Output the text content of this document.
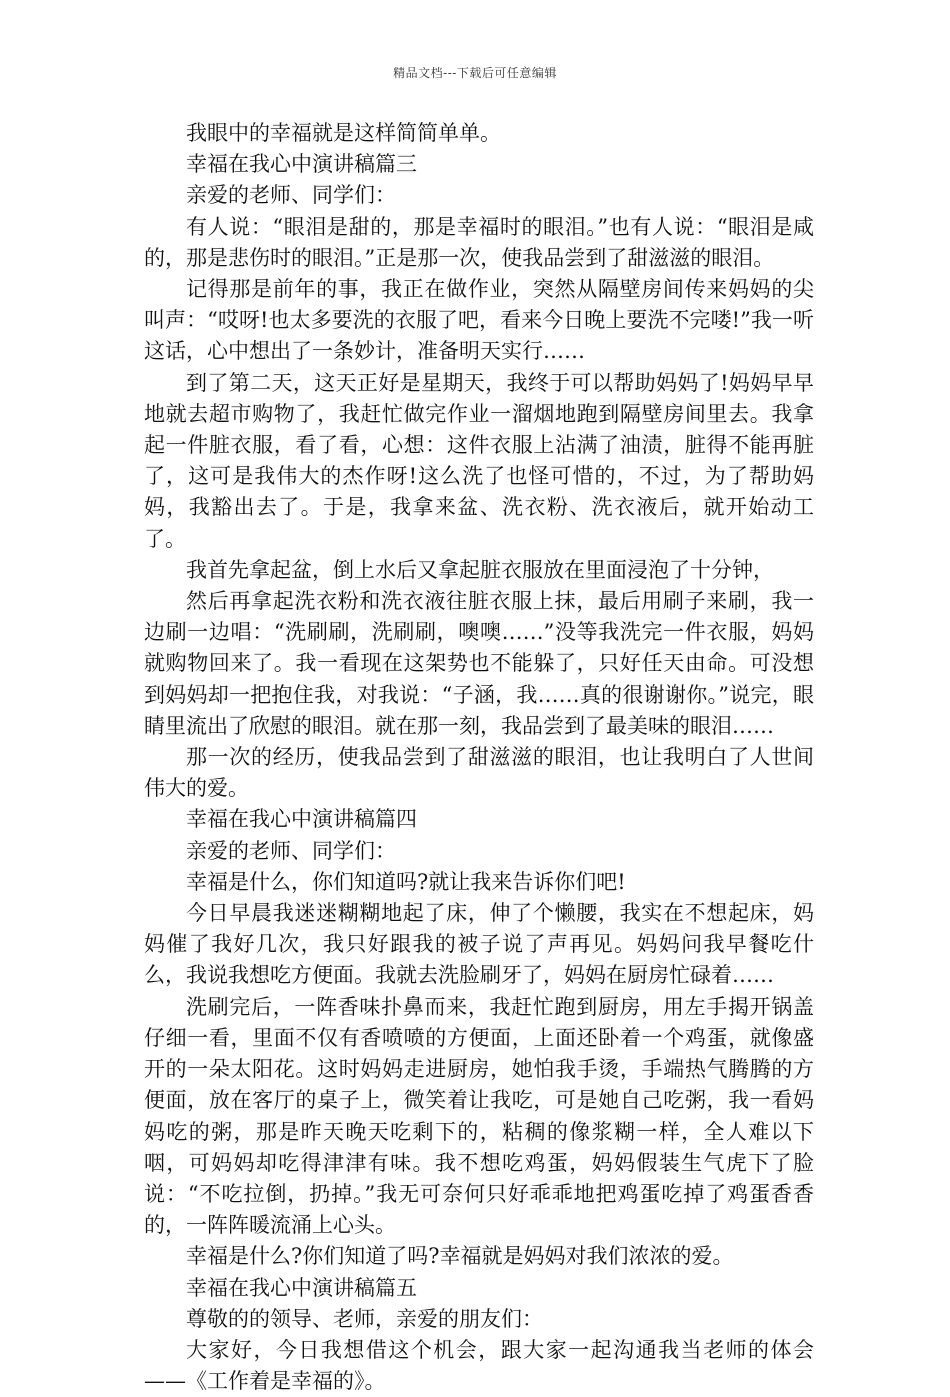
精品文档---下载后可任意编辑

我眼中的幸福就是这样简简单单。

幸福在我心中演讲稿篇三

亲爱的老师、同学们：

有人说：“眼泪是甜的，那是幸福时的眼泪。”也有人说：“眼泪是咸的，那是悲伤时的眼泪。”正是那一次，使我品尝到了甜滋滋的眼泪。

记得那是前年的事，我正在做作业，突然从隔壁房间传来妈妈的尖叫声：“哎呀!也太多要洗的衣服了吧，看来今日晚上要洗不完喽!”我一听这话，心中想出了一条妙计，准备明天实行……

到了第二天，这天正好是星期天，我终于可以帮助妈妈了!妈妈早早地就去超市购物了，我赶忙做完作业一溜烟地跑到隔壁房间里去。我拿起一件脏衣服，看了看，心想：这件衣服上沾满了油渍，脏得不能再脏了，这可是我伟大的杰作呀!这么洗了也怪可惜的，不过，为了帮助妈妈，我豁出去了。于是，我拿来盆、洗衣粉、洗衣液后，就开始动工了。

我首先拿起盆，倒上水后又拿起脏衣服放在里面浸泡了十分钟，

然后再拿起洗衣粉和洗衣液往脏衣服上抹，最后用刷子来刷，我一边刷一边唱：“洗刷刷，洗刷刷，噢噢……”没等我洗完一件衣服，妈妈就购物回来了。我一看现在这架势也不能躲了，只好任天由命。可没想到妈妈却一把抱住我，对我说：“子涵，我……真的很谢谢你。”说完，眼睛里流出了欣慰的眼泪。就在那一刻，我品尝到了最美味的眼泪……

那一次的经历，使我品尝到了甜滋滋的眼泪，也让我明白了人世间伟大的爱。

幸福在我心中演讲稿篇四

亲爱的老师、同学们：

幸福是什么，你们知道吗?就让我来告诉你们吧!

今日早晨我迷迷糊糊地起了床，伸了个懒腰，我实在不想起床，妈妈催了我好几次，我只好跟我的被子说了声再见。妈妈问我早餐吃什么，我说我想吃方便面。我就去洗脸刷牙了，妈妈在厨房忙碌着……

洗刷完后，一阵香味扑鼻而来，我赶忙跑到厨房，用左手揭开锅盖仔细一看，里面不仅有香喷喷的方便面，上面还卧着一个鸡蛋，就像盛开的一朵太阳花。这时妈妈走进厨房，她怕我手烫，手端热气腾腾的方便面，放在客厅的桌子上，微笑着让我吃，可是她自己吃粥，我一看妈妈吃的粥，那是昨天晚天吃剩下的，粘稠的像浆糊一样，全人难以下咽，可妈妈却吃得津津有味。我不想吃鸡蛋，妈妈假装生气虎下了脸说：“不吃拉倒，扔掉。”我无可奈何只好乖乖地把鸡蛋吃掉了鸡蛋香香的，一阵阵暖流涌上心头。

幸福是什么?你们知道了吗?幸福就是妈妈对我们浓浓的爱。

幸福在我心中演讲稿篇五

尊敬的的领导、老师，亲爱的朋友们：

大家好，今日我想借这个机会，跟大家一起沟通我当老师的体会——《工作着是幸福的》。
